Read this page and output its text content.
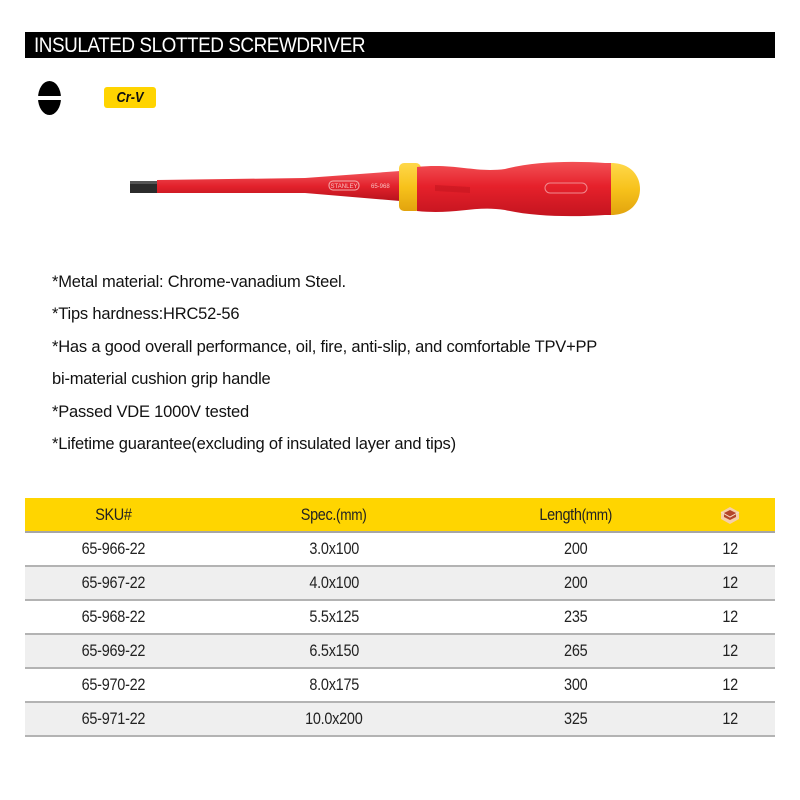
INSULATED SLOTTED SCREWDRIVER
Cr-V
STANLEY 65-968
*Metal material: Chrome-vanadium Steel.
*Tips hardness:HRC52-56
*Has a good overall performance, oil, fire, anti-slip, and comfortable TPV+PP
bi-material cushion grip handle
*Passed VDE 1000V tested
*Lifetime guarantee(excluding of insulated layer and tips)
SKU#	Spec.(mm)	Length(mm)	
65-966-22	3.0x100	200	12
65-967-22	4.0x100	200	12
65-968-22	5.5x125	235	12
65-969-22	6.5x150	265	12
65-970-22	8.0x175	300	12
65-971-22	10.0x200	325	12
